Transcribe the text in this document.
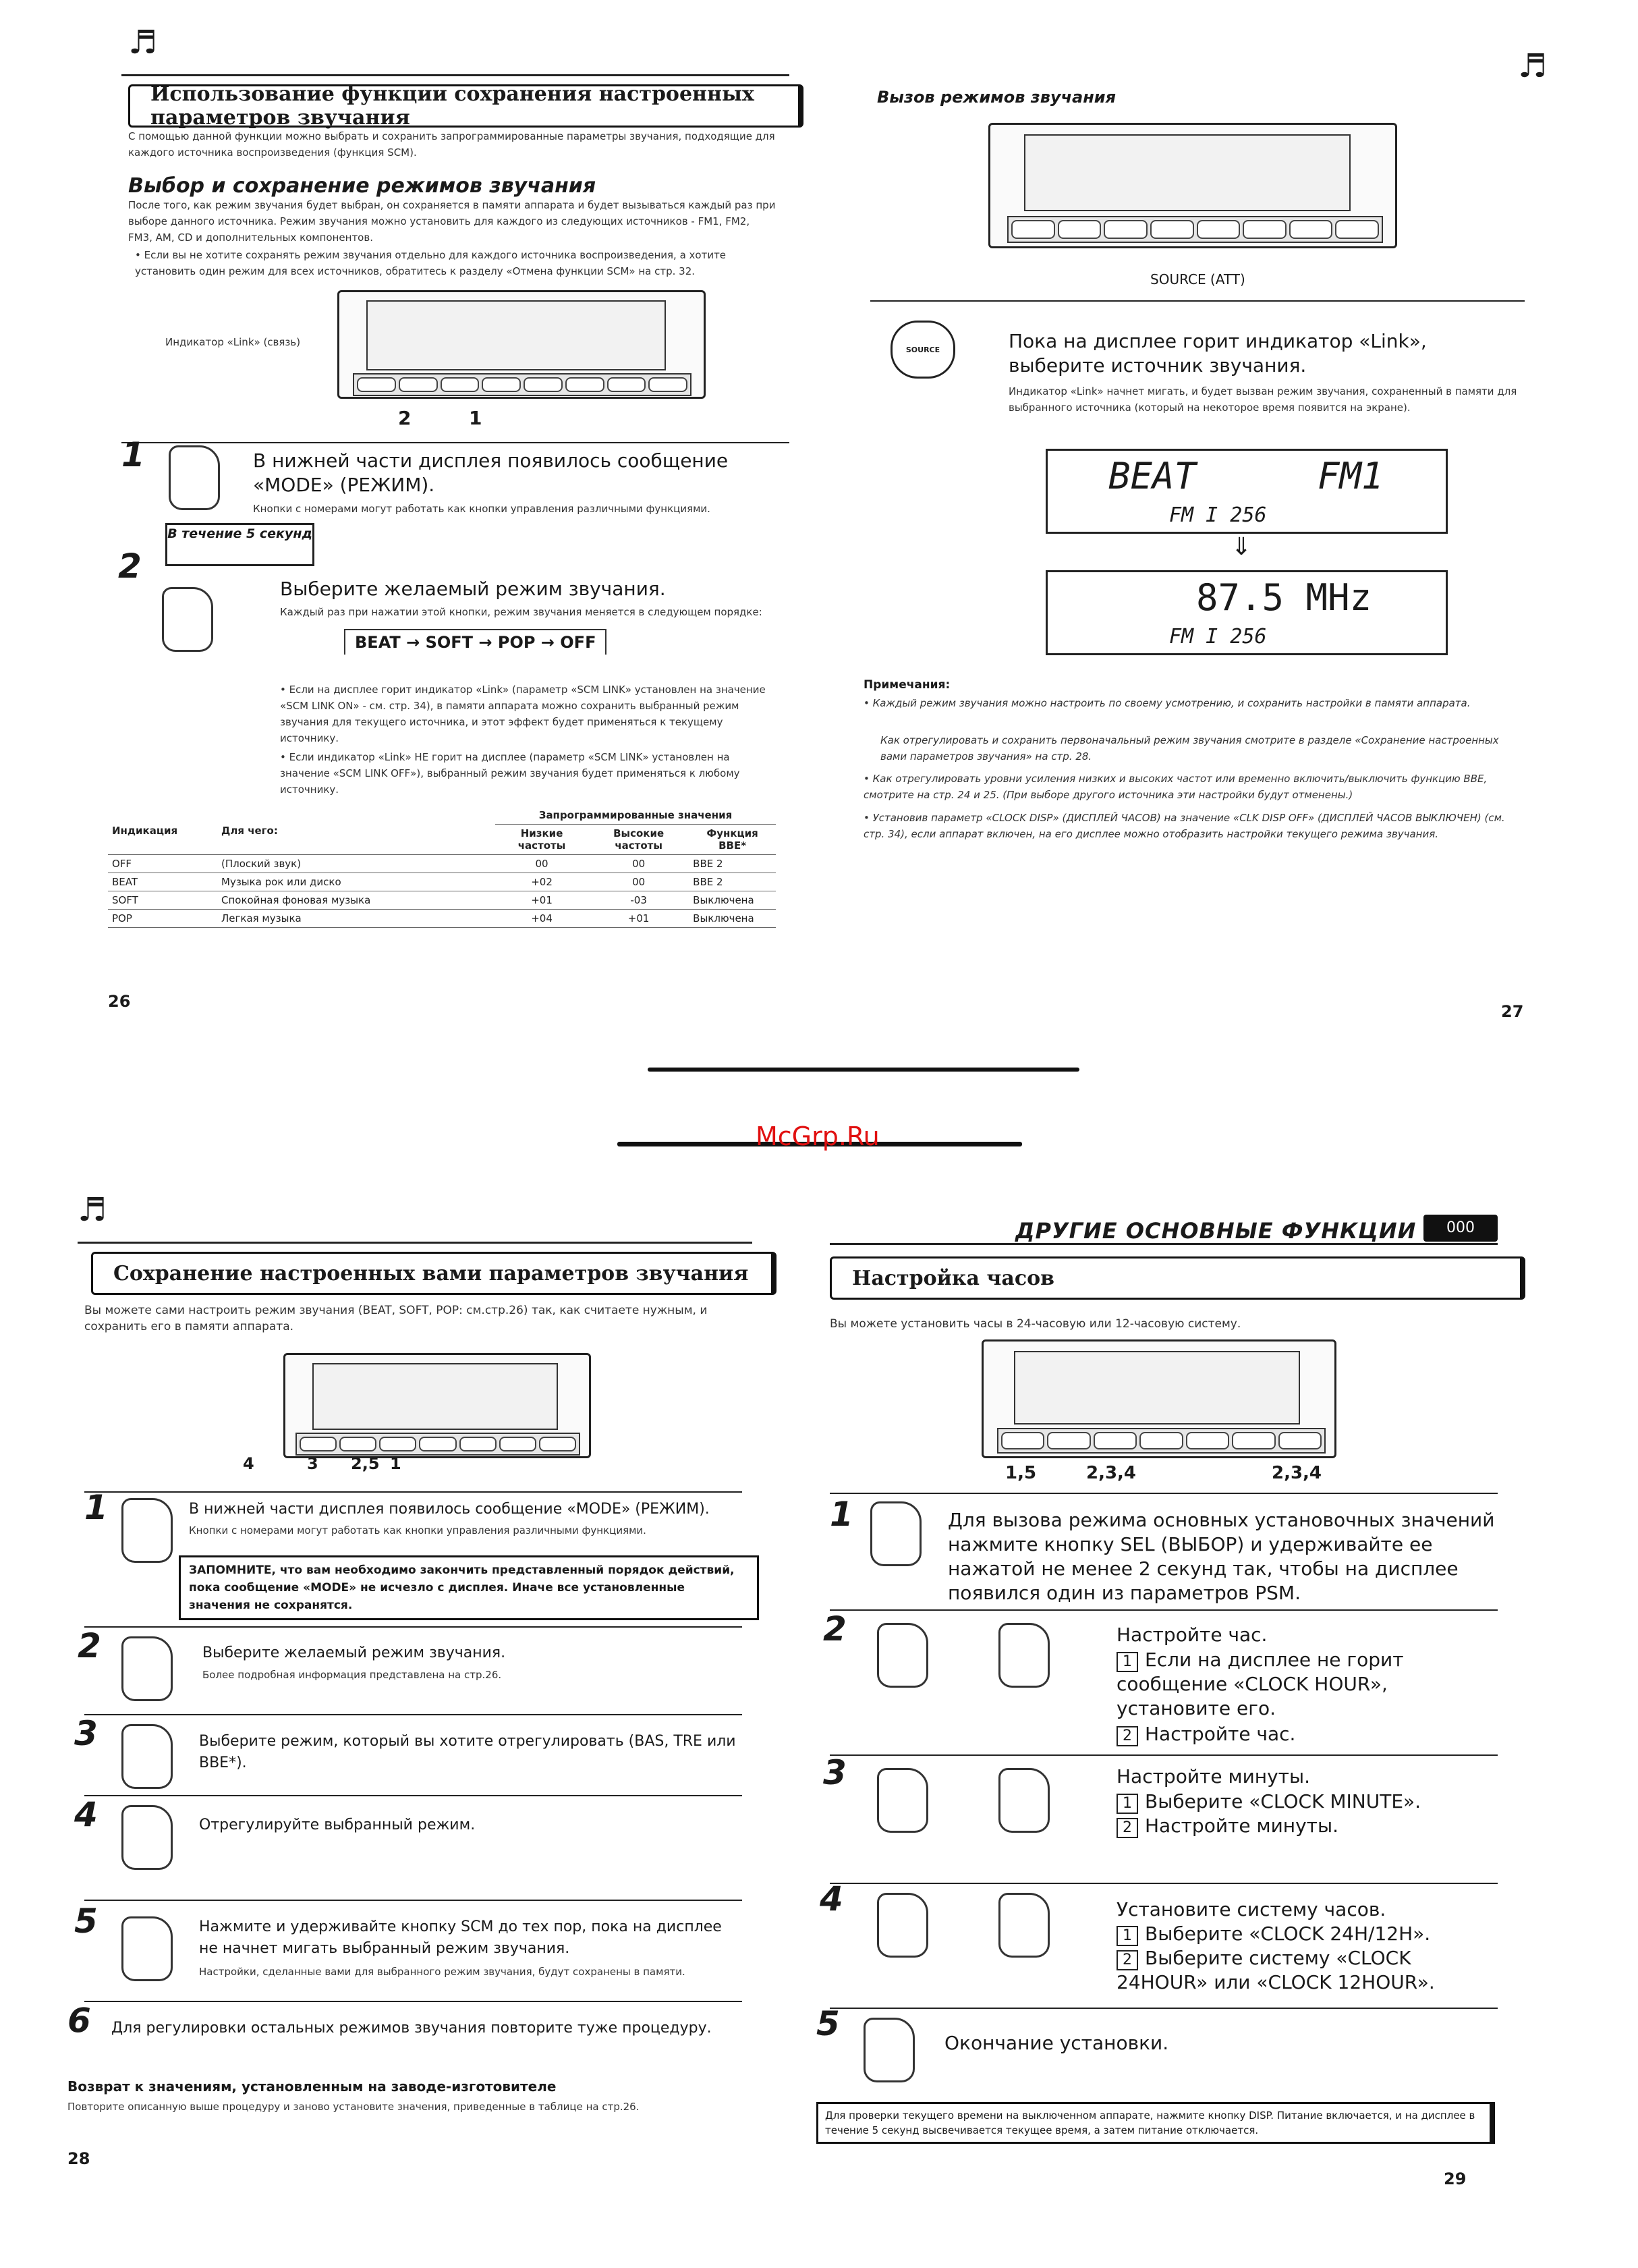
♬
Использование функции сохранения настроенных параметров звучания
С помощью данной функции можно выбрать и сохранить запрограммированные параметры звучания, подходящие для каждого источника воспроизведения (функция SCM).
Выбор и сохранение режимов звучания
После того, как режим звучания будет выбран, он сохраняется в памяти аппарата и будет вызываться каждый раз при выборе данного источника. Режим звучания можно установить для каждого из следующих источников - FM1, FM2, FM3, AM, CD и дополнительных компонентов.
• Если вы не хотите сохранять режим звучания отдельно для каждого источника воспроизведения, а хотите установить один режим для всех источников, обратитесь к разделу «Отмена функции SCM» на стр. 32.
Индикатор «Link» (связь)
2	1
1	В нижней части дисплея появилось сообщение «MODE» (РЕЖИМ).
Кнопки с номерами могут работать как кнопки управления различными функциями.
В течение 5 секунд
2
Выберите желаемый режим звучания.
Каждый раз при нажатии этой кнопки, режим звучания меняется в следующем порядке:
BEAT → SOFT → POP → OFF
• Если на дисплее горит индикатор «Link» (параметр «SCM LINK» установлен на значение «SCM LINK ON» - см. стр. 34), в памяти аппарата можно сохранить выбранный режим звучания для текущего источника, и этот эффект будет применяться к текущему источнику.
• Если индикатор «Link» НЕ горит на дисплее (параметр «SCM LINK» установлен на значение «SCM LINK OFF»), выбранный режим звучания будет применяться к любому источнику.
Индикация	Для чего:	Запрограммированные значения		
		Низкие частоты	Высокие частоты	Функция BBE*
OFF	(Плоский звук)	00	00	BBE 2
BEAT	Музыка рок или диско	+02	00	BBE 2
SOFT	Спокойная фоновая музыка	+01	-03	Выключена
POP	Легкая музыка	+04	+01	Выключена
26
♬
Вызов режимов звучания
SOURCE (ATT)
SOURCE	Пока на дисплее горит индикатор «Link», выберите источник звучания.
Индикатор «Link» начнет мигать, и будет вызван режим звучания, сохраненный в памяти для выбранного источника (который на некоторое время появится на экране).
BEAT	FM1
FM I 256
⇓
87.5 MHz
FM I 256
Примечания:
• Каждый режим звучания можно настроить по своему усмотрению, и сохранить настройки в памяти аппарата.
Как отрегулировать и сохранить первоначальный режим звучания смотрите в разделе «Сохранение настроенных вами параметров звучания» на стр. 28.
• Как отрегулировать уровни усиления низких и высоких частот или временно включить/выключить функцию BBE, смотрите на стр. 24 и 25. (При выборе другого источника эти настройки будут отменены.)
• Установив параметр «CLOCK DISP» (ДИСПЛЕЙ ЧАСОВ) на значение «CLK DISP OFF» (ДИСПЛЕЙ ЧАСОВ ВЫКЛЮЧЕН) (см. стр. 34), если аппарат включен, на его дисплее можно отобразить настройки текущего режима звучания.
27
McGrp.Ru
♬
Сохранение настроенных вами параметров звучания
Вы можете сами настроить режим звучания (BEAT, SOFT, POP: см.стр.26) так, как считаете нужным, и сохранить его в памяти аппарата.
4	3 2,5 1
1	В нижней части дисплея появилось сообщение «MODE» (РЕЖИМ).
Кнопки с номерами могут работать как кнопки управления различными функциями.
ЗАПОМНИТЕ, что вам необходимо закончить представленный порядок действий, пока сообщение «MODE» не исчезло с дисплея. Иначе все установленные значения не сохранятся.
2	Выберите желаемый режим звучания.
Более подробная информация представлена на стр.26.
3	Выберите режим, который вы хотите отрегулировать (BAS, TRE или BBE*).
4	Отрегулируйте выбранный режим.
5	Нажмите и удерживайте кнопку SCM до тех пор, пока на дисплее не начнет мигать выбранный режим звучания.
Настройки, сделанные вами для выбранного режим звучания, будут сохранены в памяти.
6 Для регулировки остальных режимов звучания повторите туже процедуру.
Возврат к значениям, установленным на заводе-изготовителе
Повторите описанную выше процедуру и заново установите значения, приведенные в таблице на стр.26.
28
ДРУГИЕ ОСНОВНЫЕ ФУНКЦИИ	000
Настройка часов
Вы можете установить часы в 24-часовую или 12-часовую систему.
1,5	2,3,4	2,3,4
1	Для вызова режима основных установочных значений нажмите кнопку SEL (ВЫБОР) и удерживайте ее нажатой не менее 2 секунд так, чтобы на дисплее появился один из параметров PSM.
2	Настройте час.
1 Если на дисплее не горит сообщение «CLOCK HOUR», установите его.
2 Настройте час.
3	Настройте минуты.
1 Выберите «CLOCK MINUTE».
2 Настройте минуты.
4	Установите систему часов.
1 Выберите «CLOCK 24H/12H».
2 Выберите систему «CLOCK 24HOUR» или «CLOCK 12HOUR».
5	Окончание установки.
Для проверки текущего времени на выключенном аппарате, нажмите кнопку DISP. Питание включается, и на дисплее в течение 5 секунд высвечивается текущее время, а затем питание отключается.
29
